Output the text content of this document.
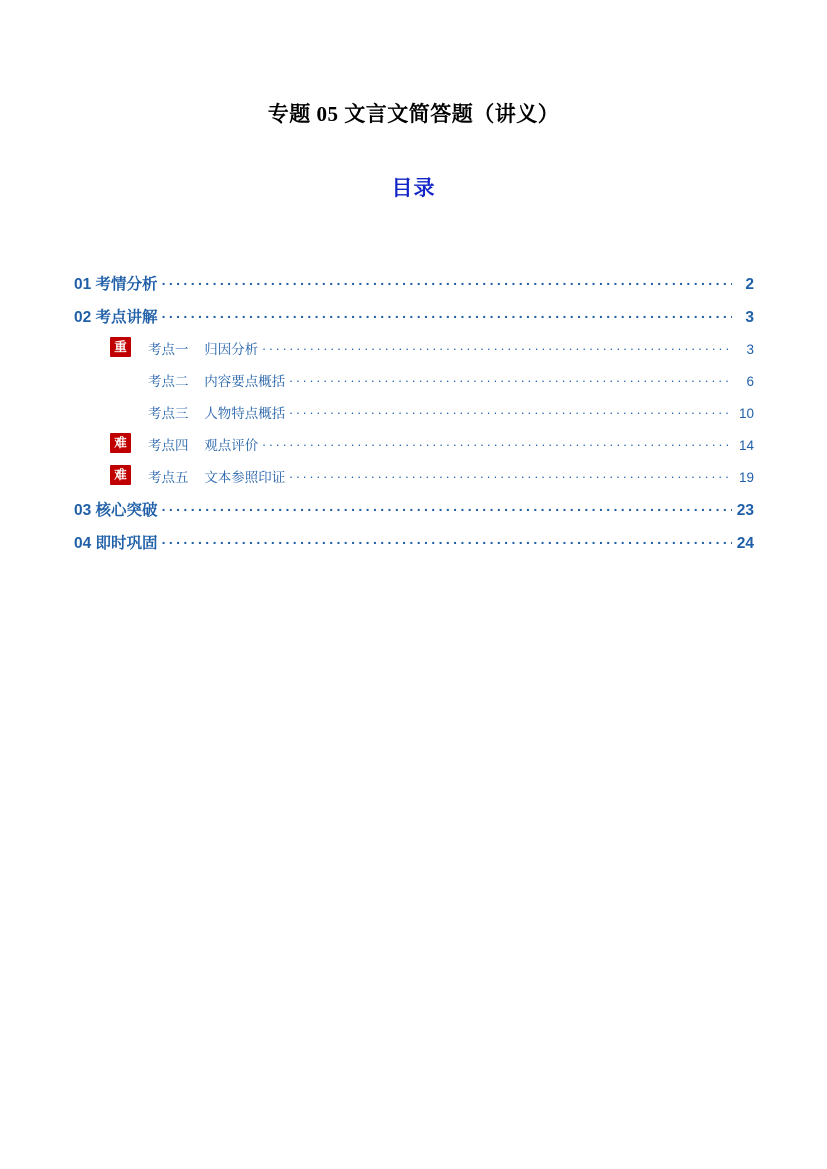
专题 05 文言文简答题（讲义）
目录
01 考情分析 .....	2
02 考点讲解 .....	3
重	考点一 归因分析 .....	3
考点二 内容要点概括 .....	6
考点三 人物特点概括 .....	10
难	考点四 观点评价 .....	14
难	考点五 文本参照印证 .....	19
03 核心突破 .....	23
04 即时巩固 .....	24
